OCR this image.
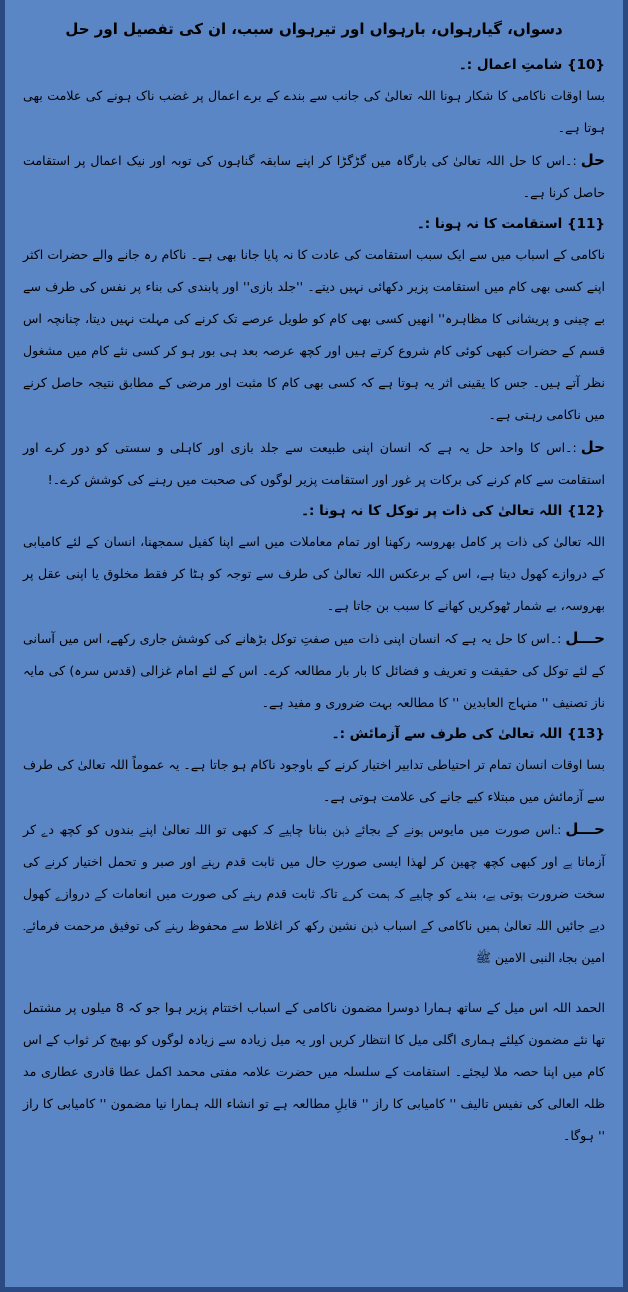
دسواں، گیارہواں، بارہواں اور تیرہواں سبب، ان کی تفصیل اور حل

{10} شامتِ اعمال :۔

بسا اوقات ناکامی کا شکار ہونا اللہ تعالیٰ کی جانب سے بندے کے برے اعمال پر غضب ناک ہونے کی علامت بھی ہوتا ہے۔

حل:۔اس کا حل اللہ تعالیٰ کی بارگاہ میں گڑگڑا کر اپنے سابقہ گناہوں کی توبہ اور نیک اعمال پر استقامت حاصل کرنا ہے۔

{11} استقامت کا نہ ہونا :۔

ناکامی کے اسباب میں سے ایک سبب استقامت کی عادت کا نہ پایا جانا بھی ہے۔ ناکام رہ جانے والے حضرات اکثر اپنے کسی بھی کام میں استقامت پزیر دکھائی نہیں دیتے۔ ''جلد بازی'' اور پابندی کی بناء پر نفس کی طرف سے بے چینی و پریشانی کا مظاہرہ'' انھیں کسی بھی کام کو طویل عرصے تک کرنے کی مہلت نہیں دیتا، چنانچہ اس قسم کے حضرات کبھی کوئی کام شروع کرتے ہیں اور کچھ عرصہ بعد ہی بور ہو کر کسی نئے کام میں مشغول نظر آتے ہیں۔ جس کا یقینی اثر یہ ہوتا ہے کہ کسی بھی کام کا مثبت اور مرضی کے مطابق نتیجہ حاصل کرنے میں ناکامی رہتی ہے۔

حل:۔اس کا واحد حل یہ ہے کہ انسان اپنی طبیعت سے جلد بازی اور کاہلی و سستی کو دور کرے اور استقامت سے کام کرنے کی برکات پر غور اور استقامت پزیر لوگوں کی صحبت میں رہنے کی کوشش کرے۔!

{12} اللہ تعالیٰ کی ذات پر توکل کا نہ ہونا :۔

اللہ تعالیٰ کی ذات پر کامل بھروسہ رکھنا اور تمام معاملات میں اسے اپنا کفیل سمجھنا، انسان کے لئے کامیابی کے دروازے کھول دیتا ہے، اس کے برعکس اللہ تعالیٰ کی طرف سے توجہ کو ہٹا کر فقط مخلوق یا اپنی عقل پر بھروسہ، بے شمار ٹھوکریں کھانے کا سبب بن جاتا ہے۔

حـــل:۔اس کا حل یہ ہے کہ انسان اپنی ذات میں صفتِ توکل بڑھانے کی کوشش جاری رکھے، اس میں آسانی کے لئے توکل کی حقیقت و تعریف و فضائل کا بار بار مطالعہ کرے۔ اس کے لئے امام غزالی (قدس سرہ) کی مایہ ناز تصنیف '' منہاج العابدین '' کا مطالعہ بہت ضروری و مفید ہے۔

{13} اللہ تعالیٰ کی طرف سے آزمائش :۔

بسا اوقات انسان تمام تر احتیاطی تدابیر اختیار کرنے کے باوجود ناکام ہو جاتا ہے۔ یہ عموماً اللہ تعالیٰ کی طرف سے آزمائش میں مبتلاء کیے جانے کی علامت ہوتی ہے۔

حـــل:۔اس صورت میں مایوس ہونے کے بجائے ذہن بنانا چاہیے کہ کبھی تو اللہ تعالیٰ اپنے بندوں کو کچھ دے کر آزماتا ہے اور کبھی کچھ چھین کر لھذا ایسی صورتِ حال میں ثابت قدم رہنے اور صبر و تحمل اختیار کرنے کی سخت ضرورت ہوتی ہے، بندے کو چاہیے کہ ہمت کرے تاکہ ثابت قدم رہنے کی صورت میں انعامات کے دروازے کھول دیے جائیں اللہ تعالیٰ ہمیں ناکامی کے اسباب ذہن نشین رکھ کر اغلاط سے محفوظ رہنے کی توفیق مرحمت فرمائے۔ امین بجاہ النبی الامین ﷺ

الحمد اللہ اس میل کے ساتھ ہمارا دوسرا مضمون ناکامی کے اسباب اختتام پزیر ہوا جو کہ 8 میلوں پر مشتمل تھا نئے مضمون کیلئے ہماری اگلی میل کا انتظار کریں اور یہ میل زیادہ سے زیادہ لوگوں کو بھیج کر ثواب کے اس کام میں اپنا حصہ ملا لیجئے۔ استقامت کے سلسلہ میں حضرت علامہ مفتی محمد اکمل عطا قادری عطاری مد ظلہ العالی کی نفیس تالیف '' کامیابی کا راز '' قابلِ مطالعہ ہے تو انشاء اللہ ہمارا نیا مضمون '' کامیابی کا راز '' ہوگا۔
